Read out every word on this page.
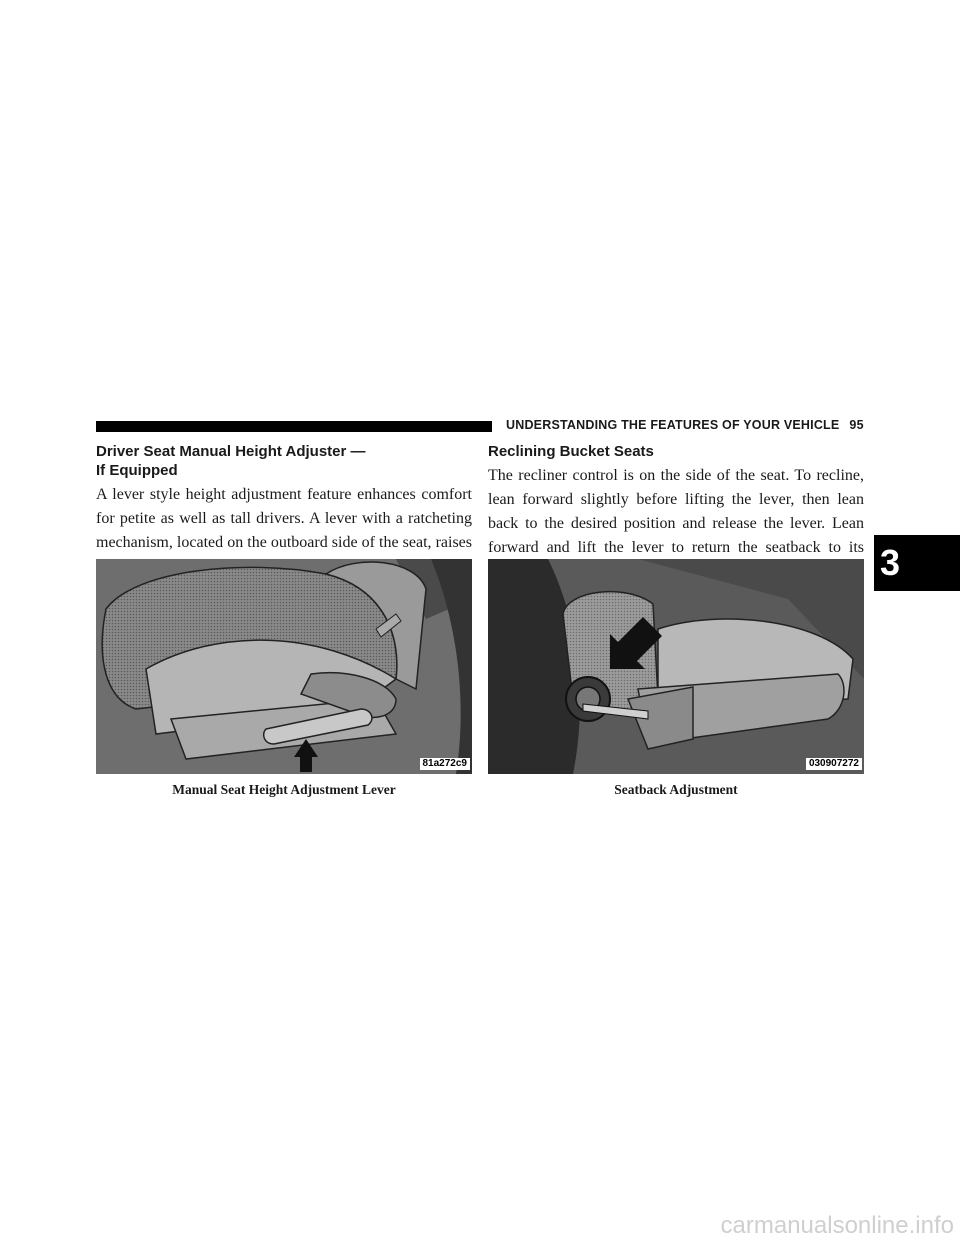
UNDERSTANDING THE FEATURES OF YOUR VEHICLE 95
3
Driver Seat Manual Height Adjuster —
If Equipped

A lever style height adjustment feature enhances comfort for petite as well as tall drivers. A lever with a ratcheting mechanism, located on the outboard side of the seat, raises

Reclining Bucket Seats

The recliner control is on the side of the seat. To recline, lean forward slightly before lifting the lever, then lean back to the desired position and release the lever. Lean forward and lift the lever to return the seatback to its

81a272c9	030907272
Manual Seat Height Adjustment Lever	Seatback Adjustment
carmanualsonline.info
